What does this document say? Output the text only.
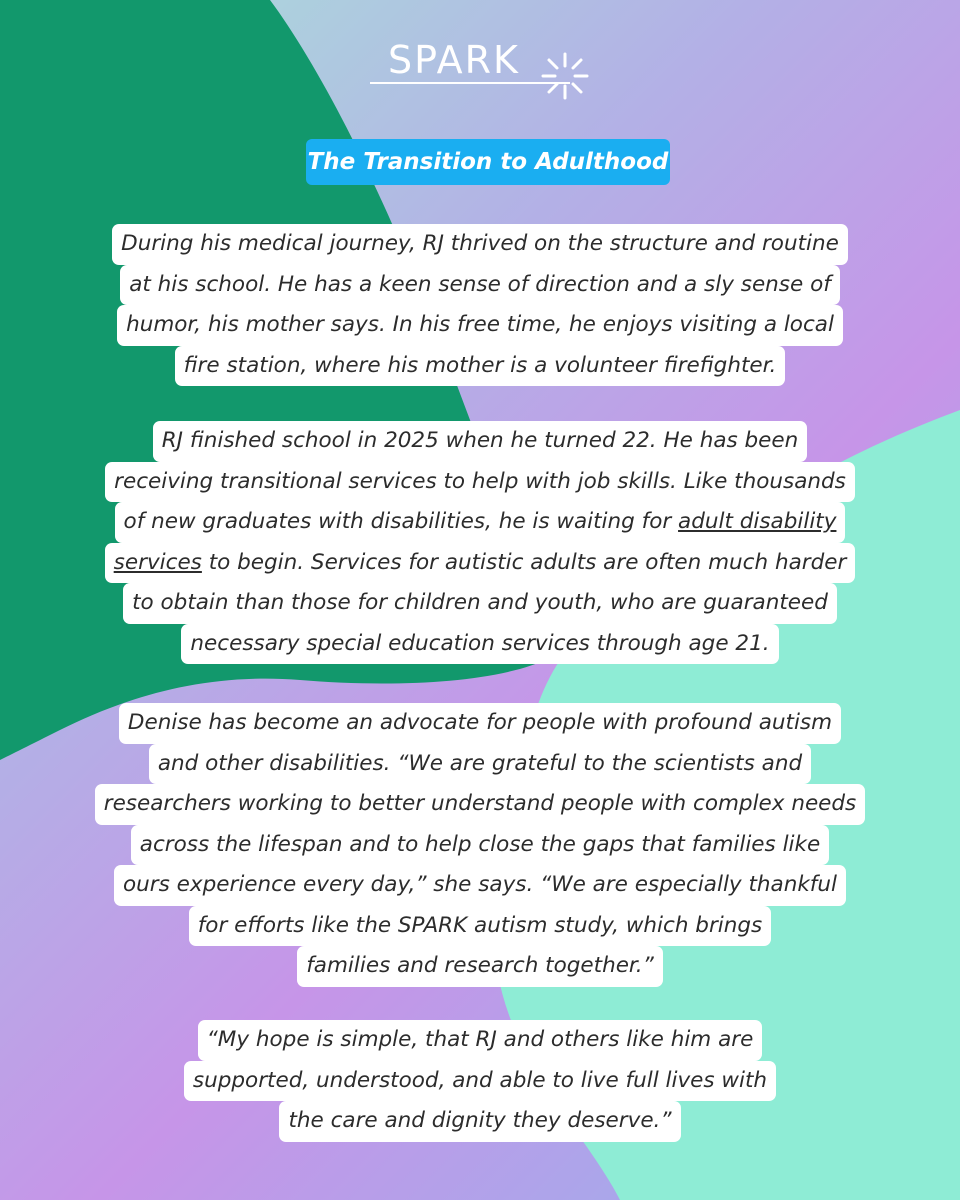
SPARK
The Transition to Adulthood
During his medical journey, RJ thrived on the structure and routine
at his school. He has a keen sense of direction and a sly sense of
humor, his mother says. In his free time, he enjoys visiting a local
fire station, where his mother is a volunteer firefighter.
RJ finished school in 2025 when he turned 22. He has been
receiving transitional services to help with job skills. Like thousands
of new graduates with disabilities, he is waiting for adult disability
services to begin. Services for autistic adults are often much harder
to obtain than those for children and youth, who are guaranteed
necessary special education services through age 21.
Denise has become an advocate for people with profound autism
and other disabilities. “We are grateful to the scientists and
researchers working to better understand people with complex needs
across the lifespan and to help close the gaps that families like
ours experience every day,” she says. “We are especially thankful
for efforts like the SPARK autism study, which brings
families and research together.”
“My hope is simple, that RJ and others like him are
supported, understood, and able to live full lives with
the care and dignity they deserve.”
